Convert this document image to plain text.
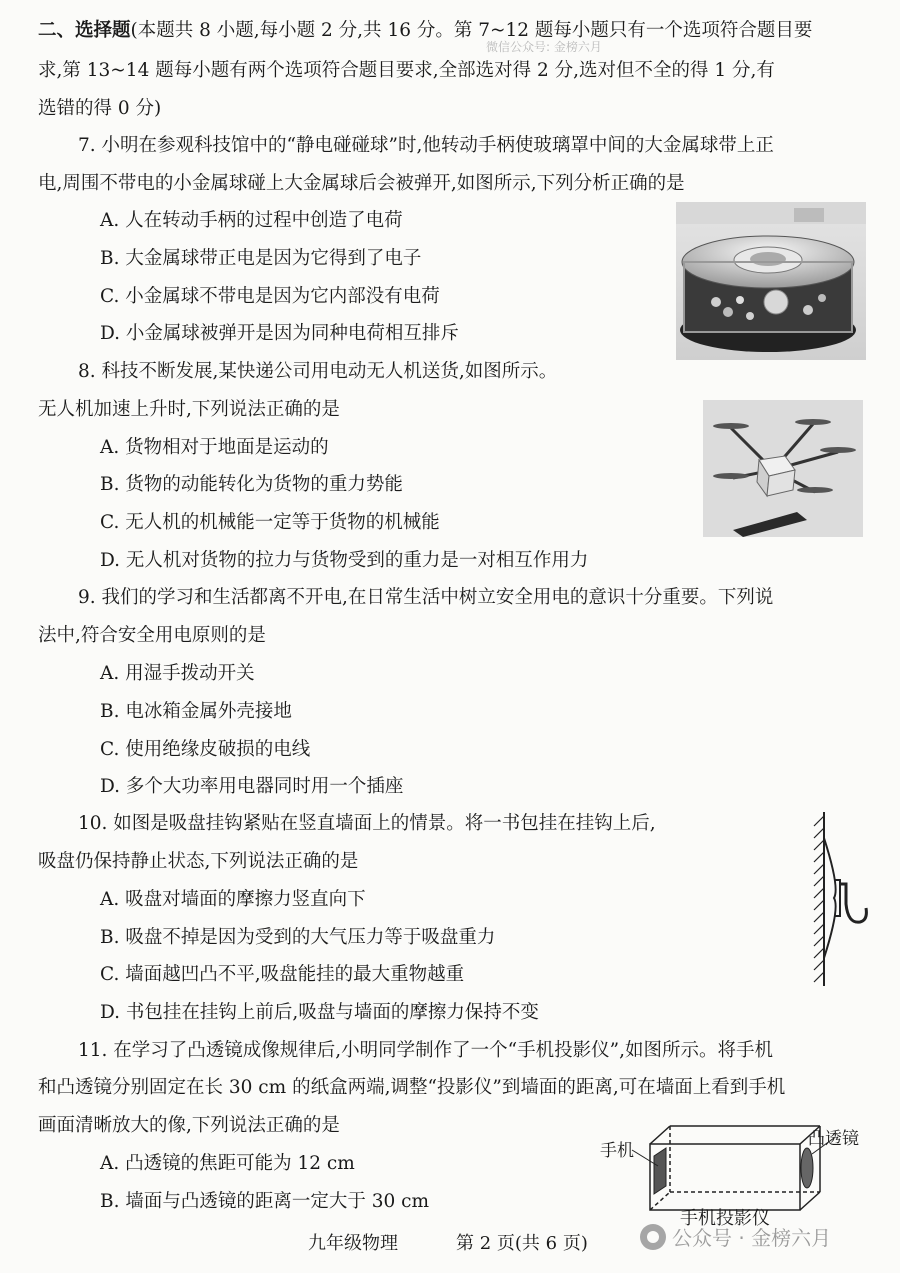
二、选择题(本题共 8 小题,每小题 2 分,共 16 分。第 7~12 题每小题只有一个选项符合题目要
微信公众号: 金榜六月
求,第 13~14 题每小题有两个选项符合题目要求,全部选对得 2 分,选对但不全的得 1 分,有
选错的得 0 分)
7. 小明在参观科技馆中的“静电碰碰球”时,他转动手柄使玻璃罩中间的大金属球带上正
电,周围不带电的小金属球碰上大金属球后会被弹开,如图所示,下列分析正确的是
A. 人在转动手柄的过程中创造了电荷
B. 大金属球带正电是因为它得到了电子
C. 小金属球不带电是因为它内部没有电荷
D. 小金属球被弹开是因为同种电荷相互排斥
8. 科技不断发展,某快递公司用电动无人机送货,如图所示。
无人机加速上升时,下列说法正确的是
A. 货物相对于地面是运动的
B. 货物的动能转化为货物的重力势能
C. 无人机的机械能一定等于货物的机械能
D. 无人机对货物的拉力与货物受到的重力是一对相互作用力
9. 我们的学习和生活都离不开电,在日常生活中树立安全用电的意识十分重要。下列说
法中,符合安全用电原则的是
A. 用湿手拨动开关
B. 电冰箱金属外壳接地
C. 使用绝缘皮破损的电线
D. 多个大功率用电器同时用一个插座
10. 如图是吸盘挂钩紧贴在竖直墙面上的情景。将一书包挂在挂钩上后,
吸盘仍保持静止状态,下列说法正确的是
A. 吸盘对墙面的摩擦力竖直向下
B. 吸盘不掉是因为受到的大气压力等于吸盘重力
C. 墙面越凹凸不平,吸盘能挂的最大重物越重
D. 书包挂在挂钩上前后,吸盘与墙面的摩擦力保持不变
11. 在学习了凸透镜成像规律后,小明同学制作了一个“手机投影仪”,如图所示。将手机
和凸透镜分别固定在长 30 cm 的纸盒两端,调整“投影仪”到墙面的距离,可在墙面上看到手机
画面清晰放大的像,下列说法正确的是
A. 凸透镜的焦距可能为 12 cm
B. 墙面与凸透镜的距离一定大于 30 cm
手机
凸透镜
手机投影仪
九年级物理	第 2 页(共 6 页)	公众号 · 金榜六月
